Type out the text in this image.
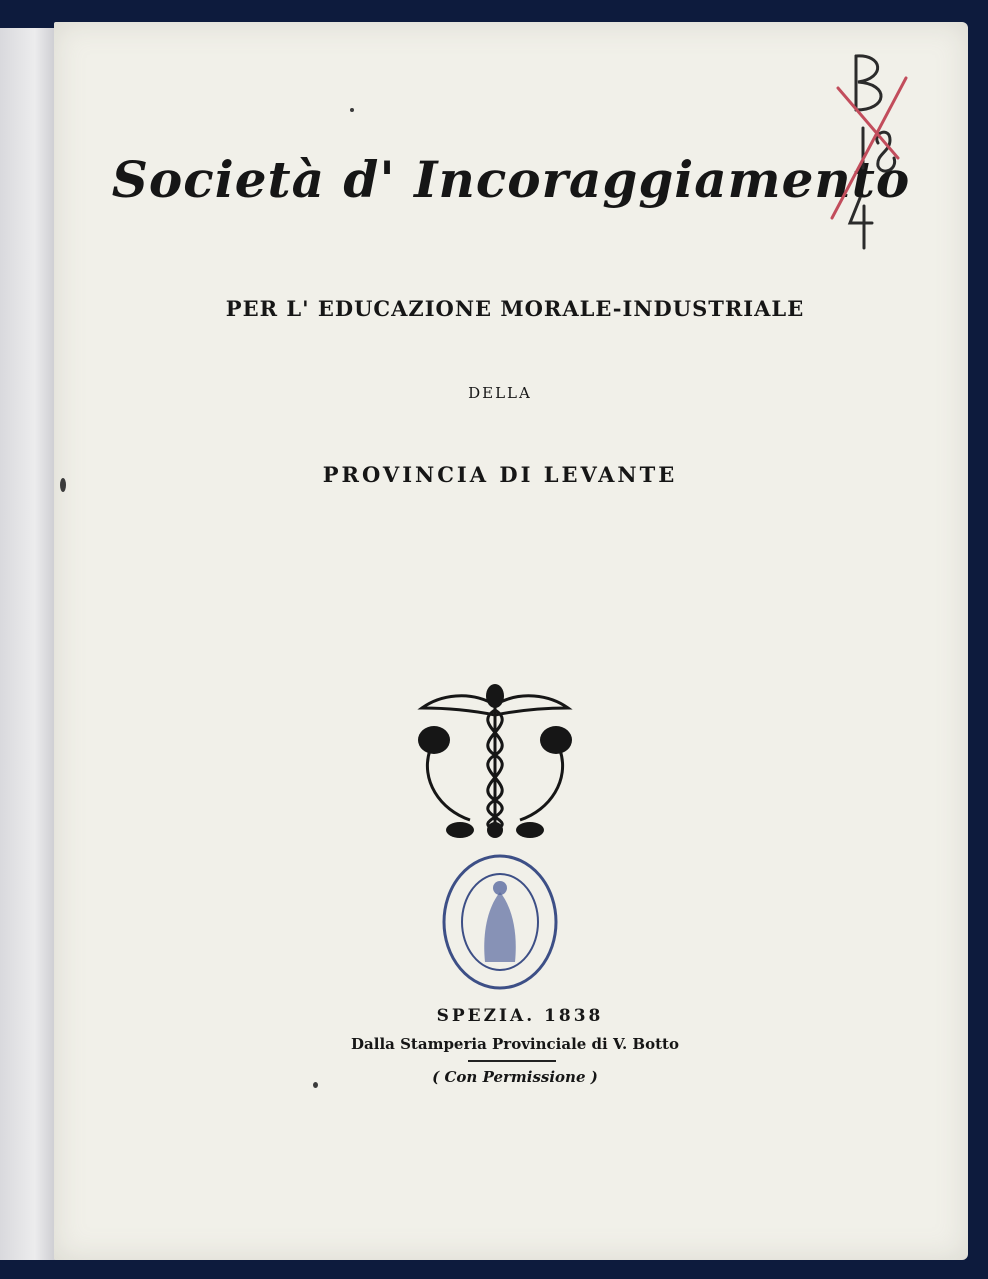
Società d' Incoraggiamento
PER L' EDUCAZIONE MORALE-INDUSTRIALE
DELLA
PROVINCIA DI LEVANTE
SPEZIA. 1838
Dalla Stamperia Provinciale di V. Botto
( Con Permissione )
